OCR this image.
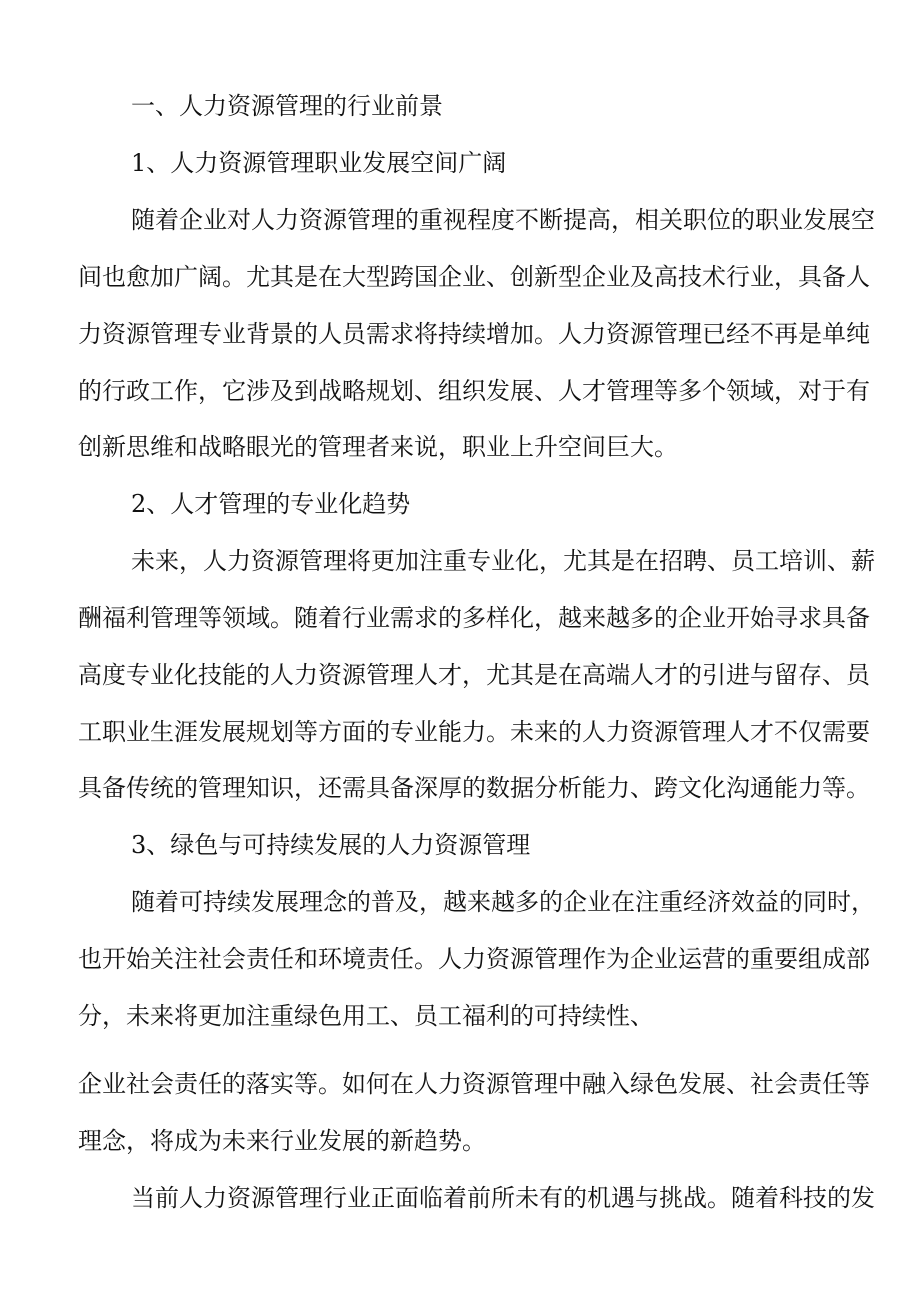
一、人力资源管理的行业前景
1、人力资源管理职业发展空间广阔
随着企业对人力资源管理的重视程度不断提高，相关职位的职业发展空
间也愈加广阔。尤其是在大型跨国企业、创新型企业及高技术行业，具备人
力资源管理专业背景的人员需求将持续增加。人力资源管理已经不再是单纯
的行政工作，它涉及到战略规划、组织发展、人才管理等多个领域，对于有
创新思维和战略眼光的管理者来说，职业上升空间巨大。
2、人才管理的专业化趋势
未来，人力资源管理将更加注重专业化，尤其是在招聘、员工培训、薪
酬福利管理等领域。随着行业需求的多样化，越来越多的企业开始寻求具备
高度专业化技能的人力资源管理人才，尤其是在高端人才的引进与留存、员
工职业生涯发展规划等方面的专业能力。未来的人力资源管理人才不仅需要
具备传统的管理知识，还需具备深厚的数据分析能力、跨文化沟通能力等。
3、绿色与可持续发展的人力资源管理
随着可持续发展理念的普及，越来越多的企业在注重经济效益的同时，
也开始关注社会责任和环境责任。人力资源管理作为企业运营的重要组成部
分，未来将更加注重绿色用工、员工福利的可持续性、
企业社会责任的落实等。如何在人力资源管理中融入绿色发展、社会责任等
理念，将成为未来行业发展的新趋势。
当前人力资源管理行业正面临着前所未有的机遇与挑战。随着科技的发
